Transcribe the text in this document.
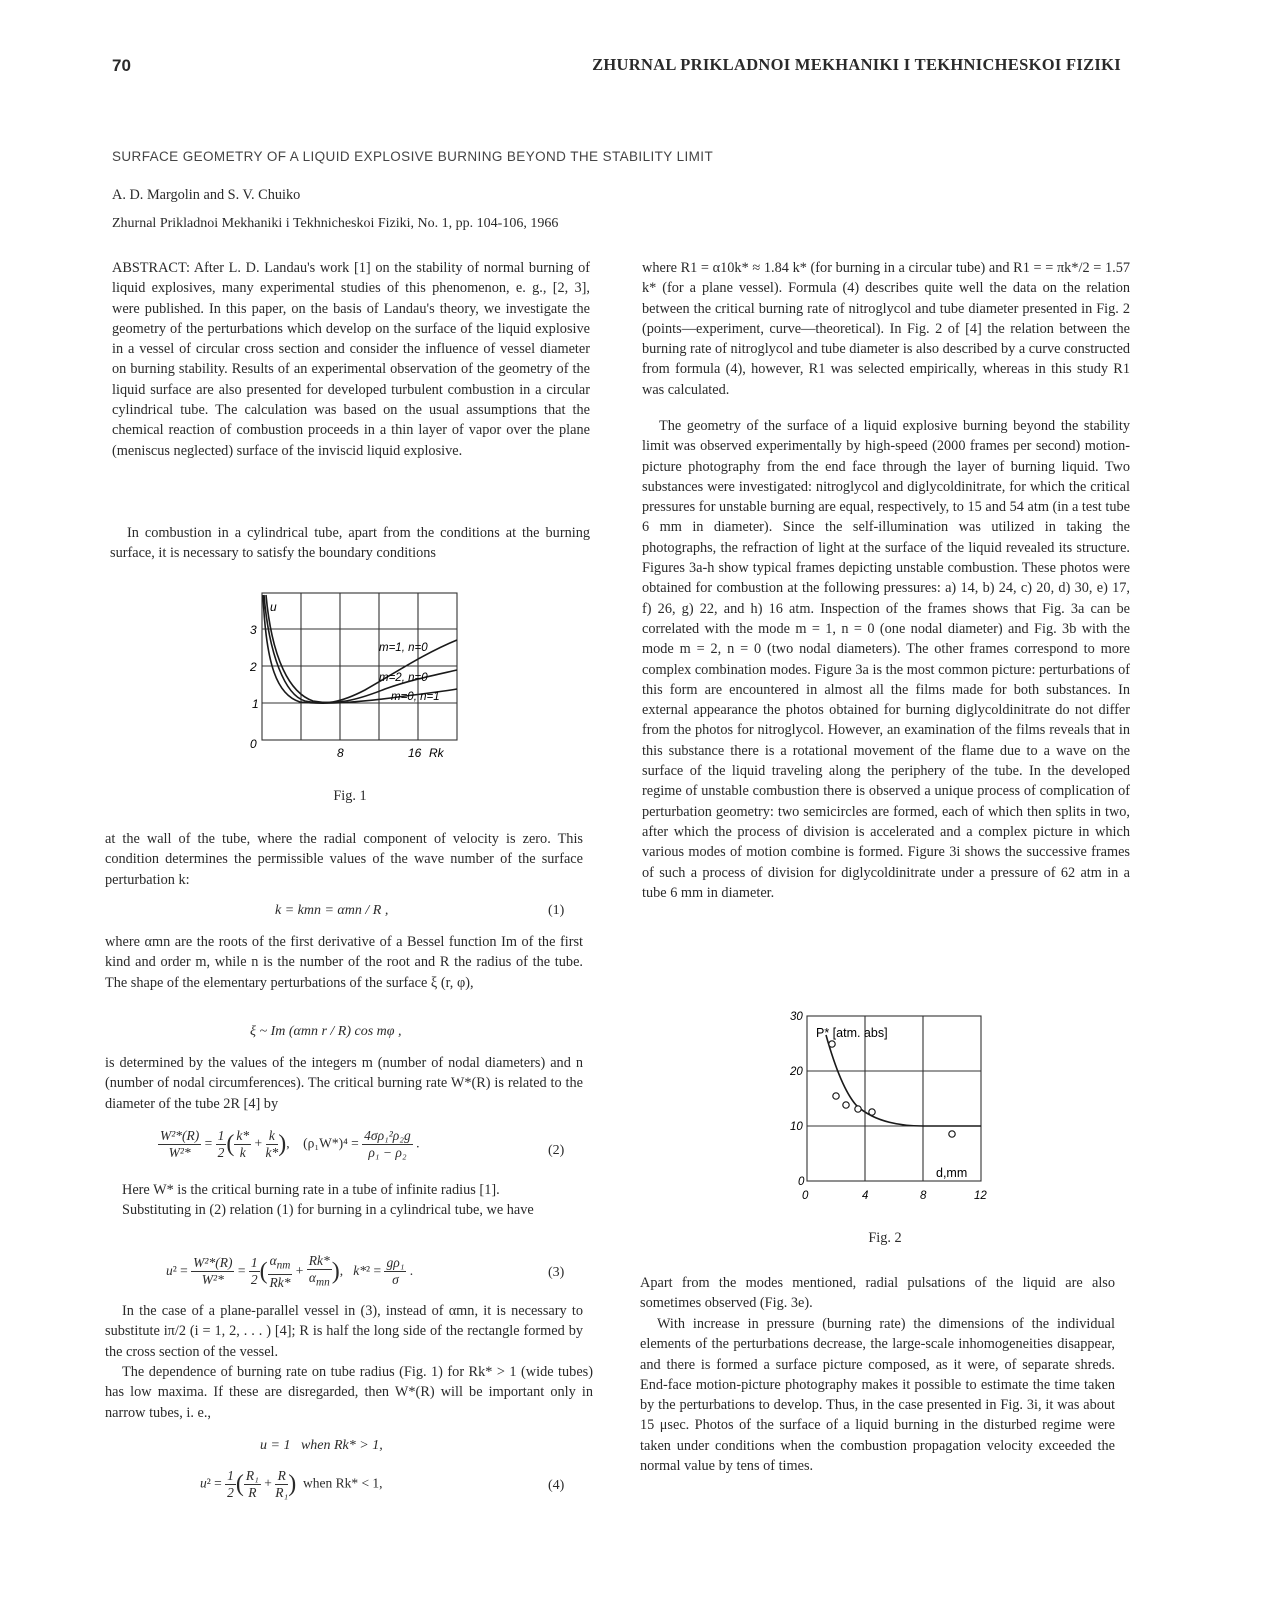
70	ZHURNAL PRIKLADNOI MEKHANIKI I TEKHNICHESKOI FIZIKI
SURFACE GEOMETRY OF A LIQUID EXPLOSIVE BURNING BEYOND THE STABILITY LIMIT
A. D. Margolin and S. V. Chuiko
Zhurnal Prikladnoi Mekhaniki i Tekhnicheskoi Fiziki, No. 1, pp. 104-106, 1966
ABSTRACT: After L. D. Landau's work [1] on the stability of normal burning of liquid explosives, many experimental studies of this phenomenon, e. g., [2, 3], were published. In this paper, on the basis of Landau's theory, we investigate the geometry of the perturbations which develop on the surface of the liquid explosive in a vessel of circular cross section and consider the influence of vessel diameter on burning stability. Results of an experimental observation of the geometry of the liquid surface are also presented for developed turbulent combustion in a circular cylindrical tube. The calculation was based on the usual assumptions that the chemical reaction of combustion proceeds in a thin layer of vapor over the plane (meniscus neglected) surface of the inviscid liquid explosive.
In combustion in a cylindrical tube, apart from the conditions at the burning surface, it is necessary to satisfy the boundary conditions
u
3
2
1
0
8	16 Rk
m=1, n=0
m=2, n=0
m=0, n=1
Fig. 1
at the wall of the tube, where the radial component of velocity is zero. This condition determines the permissible values of the wave number of the surface perturbation k:
k = kmn = αmn / R ,	(1)
where αmn are the roots of the first derivative of a Bessel function Im of the first kind and order m, while n is the number of the root and R the radius of the tube. The shape of the elementary perturbations of the surface ξ (r, φ),
ξ ~ Im (αmn r / R) cos mφ ,
is determined by the values of the integers m (number of nodal diameters) and n (number of nodal circumferences). The critical burning rate W*(R) is related to the diameter of the tube 2R [4] by
$\frac{\text{W²*(R)}}{\text{W²*}} = \frac{1}{2}$ ( $\frac{k*}{k} + \frac{k}{k*}$ ),    $(\rho_1W*)^4 = \frac{\text{4σρ₁²ρ₂g}}{\text{ρ₁ − ρ₂}}$ .	(2)
Here W* is the critical burning rate in a tube of infinite radius [1].
Substituting in (2) relation (1) for burning in a cylindrical tube, we have
$u^2 = \frac{\text{W²*(R)}}{\text{W²*}} = \frac{1}{2}$ ( $\frac{\alpha_{nm}}{Rk*} + \frac{Rk*}{\alpha_{mn}}$ ),   $k*^2 = \frac{\text{gρ₁}}{\sigma}$ .	(3)
In the case of a plane-parallel vessel in (3), instead of αmn, it is necessary to substitute iπ/2 (i = 1, 2, . . . ) [4]; R is half the long side of the rectangle formed by the cross section of the vessel.
The dependence of burning rate on tube radius (Fig. 1) for Rk* > 1 (wide tubes) has low maxima. If these are disregarded, then W*(R) will be important only in narrow tubes, i. e.,
u = 1   when Rk* > 1,
$u^2 = \frac{1}{2}$ ( $\frac{\text{R₁}}{R} + \frac{R}{\text{R₁}}$ ) when Rk* < 1,	(4)
where R1 = α10k* ≈ 1.84 k* (for burning in a circular tube) and R1 = = πk*/2 = 1.57 k* (for a plane vessel). Formula (4) describes quite well the data on the relation between the critical burning rate of nitroglycol and tube diameter presented in Fig. 2 (points—experiment, curve—theoretical). In Fig. 2 of [4] the relation between the burning rate of nitroglycol and tube diameter is also described by a curve constructed from formula (4), however, R1 was selected empirically, whereas in this study R1 was calculated.
The geometry of the surface of a liquid explosive burning beyond the stability limit was observed experimentally by high-speed (2000 frames per second) motion-picture photography from the end face through the layer of burning liquid. Two substances were investigated: nitroglycol and diglycoldinitrate, for which the critical pressures for unstable burning are equal, respectively, to 15 and 54 atm (in a test tube 6 mm in diameter). Since the self-illumination was utilized in taking the photographs, the refraction of light at the surface of the liquid revealed its structure. Figures 3a-h show typical frames depicting unstable combustion. These photos were obtained for combustion at the following pressures: a) 14, b) 24, c) 20, d) 30, e) 17, f) 26, g) 22, and h) 16 atm. Inspection of the frames shows that Fig. 3a can be correlated with the mode m = 1, n = 0 (one nodal diameter) and Fig. 3b with the mode m = 2, n = 0 (two nodal diameters). The other frames correspond to more complex combination modes. Figure 3a is the most common picture: perturbations of this form are encountered in almost all the films made for both substances. In external appearance the photos obtained for burning diglycoldinitrate do not differ from the photos for nitroglycol. However, an examination of the films reveals that in this substance there is a rotational movement of the flame due to a wave on the surface of the liquid traveling along the periphery of the tube. In the developed regime of unstable combustion there is observed a unique process of complication of perturbation geometry: two semicircles are formed, each of which then splits in two, after which the process of division is accelerated and a complex picture in which various modes of motion combine is formed. Figure 3i shows the successive frames of such a process of division for diglycoldinitrate under a pressure of 62 atm in a tube 6 mm in diameter.
P* [atm. abs]
30
20
10
0
0	4	8	12
d,mm
Fig. 2
Apart from the modes mentioned, radial pulsations of the liquid are also sometimes observed (Fig. 3e).
With increase in pressure (burning rate) the dimensions of the individual elements of the perturbations decrease, the large-scale inhomogeneities disappear, and there is formed a surface picture composed, as it were, of separate shreds. End-face motion-picture photography makes it possible to estimate the time taken by the perturbations to develop. Thus, in the case presented in Fig. 3i, it was about 15 μsec. Photos of the surface of a liquid burning in the disturbed regime were taken under conditions when the combustion propagation velocity exceeded the normal value by tens of times.
